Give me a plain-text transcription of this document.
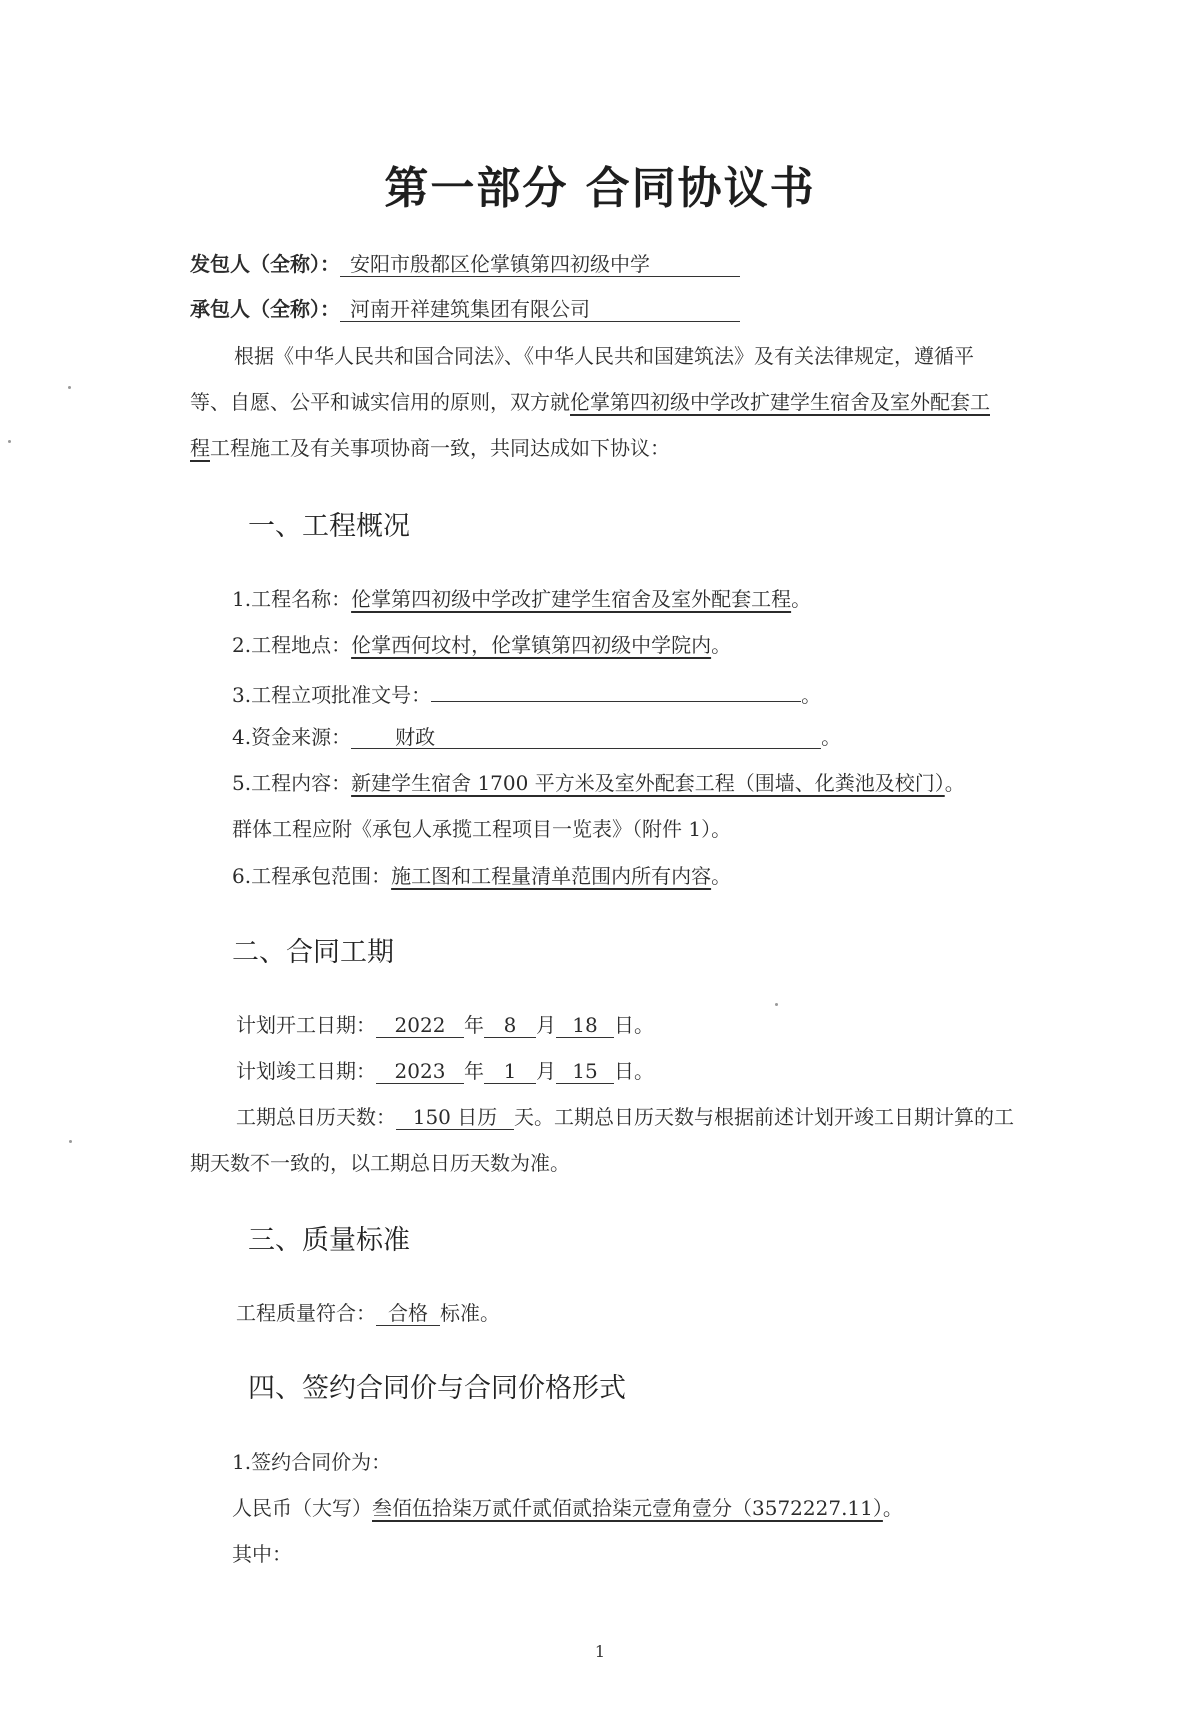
第一部分 合同协议书
发包人（全称）： 安阳市殷都区伦掌镇第四初级中学
承包人（全称）： 河南开祥建筑集团有限公司
根据《中华人民共和国合同法》、《中华人民共和国建筑法》及有关法律规定，遵循平
等、自愿、公平和诚实信用的原则，双方就伦掌第四初级中学改扩建学生宿舍及室外配套工
程工程施工及有关事项协商一致，共同达成如下协议：
一、工程概况
1.工程名称：伦掌第四初级中学改扩建学生宿舍及室外配套工程。
2.工程地点：伦掌西何坟村，伦掌镇第四初级中学院内。
3.工程立项批准文号：	。
4.资金来源： 财政	。
5.工程内容：新建学生宿舍 1700 平方米及室外配套工程（围墙、化粪池及校门）。
群体工程应附《承包人承揽工程项目一览表》（附件 1）。
6.工程承包范围：施工图和工程量清单范围内所有内容。
二、合同工期
计划开工日期： 2022 年 8 月 18 日。
计划竣工日期： 2023 年 1 月 15 日。
工期总日历天数： 150 日历 天。工期总日历天数与根据前述计划开竣工日期计算的工
期天数不一致的，以工期总日历天数为准。
三、质量标准
工程质量符合： 合格 标准。
四、签约合同价与合同价格形式
1.签约合同价为：
人民币（大写）叁佰伍拾柒万贰仟贰佰贰拾柒元壹角壹分（3572227.11）。
其中：
1
